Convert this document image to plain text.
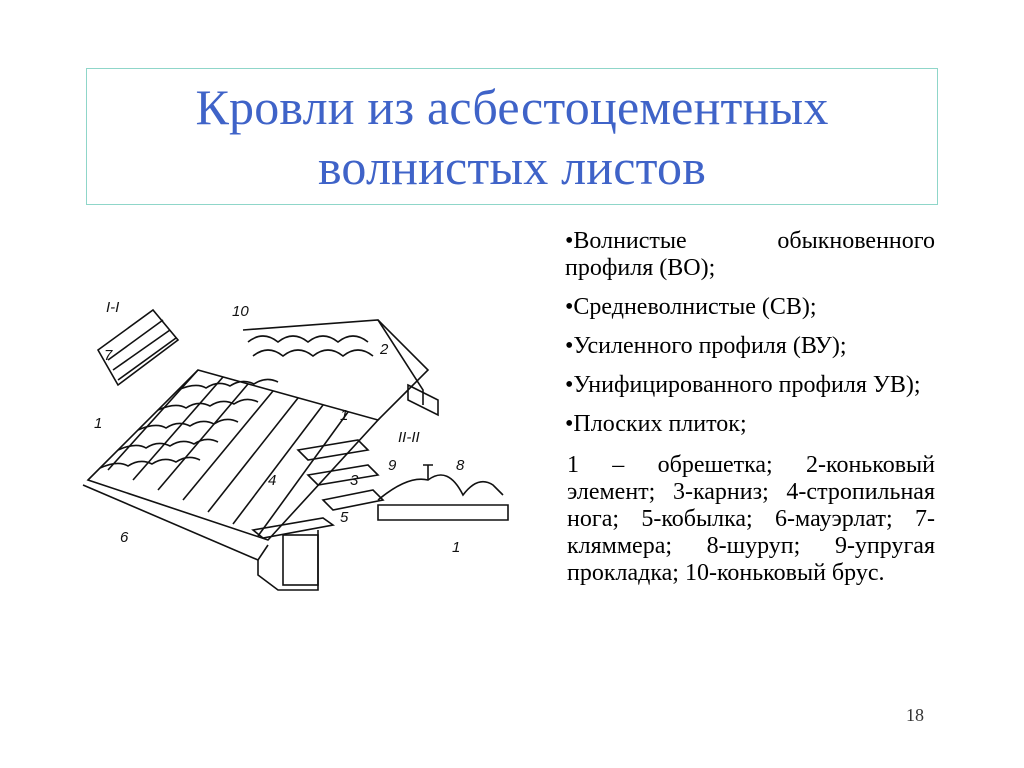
Кровли из асбестоцементных
волнистых листов
I-I
II-II
10
2
7
1	1
3
4
5
6
9	8
1
•Волнистые обыкновенного профиля (ВО);
•Средневолнистые (СВ);
•Усиленного профиля (ВУ);
•Унифицированного профиля УВ);
•Плоских плиток;
1 – обрешетка; 2-коньковый элемент; 3-карниз; 4-стропильная нога; 5-кобылка; 6-мауэрлат; 7-кляммера; 8-шуруп; 9-упругая прокладка; 10-коньковый брус.
18
